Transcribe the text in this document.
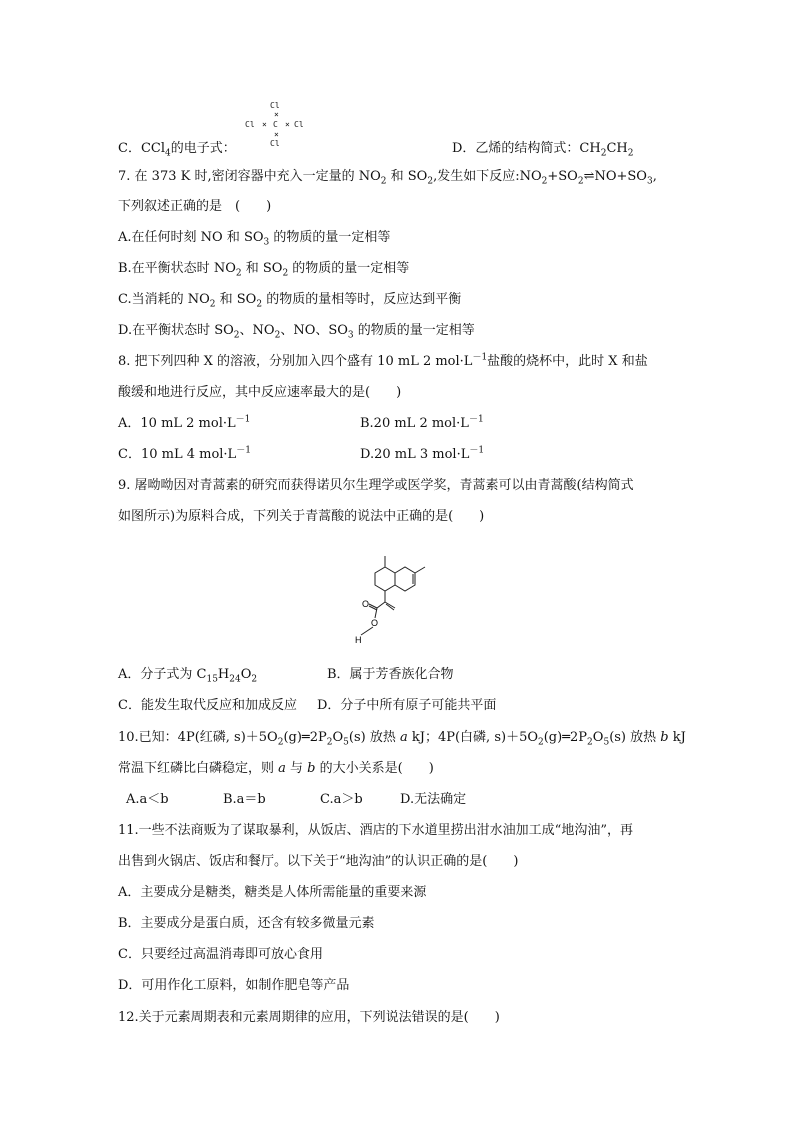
Cl
×
Cl × C × Cl
×
Cl
C．CCl$_4$的电子式：	D．乙烯的结构简式：$CH_2CH_2$
7. 在 373 K 时,密闭容器中充入一定量的 $NO_2$ 和 $SO_2$,发生如下反应$:NO_2+SO_2\rightleftharpoons NO+SO_3$,
下列叙述正确的是　(　　)
A.在任何时刻 NO 和 $SO_3$ 的物质的量一定相等
B.在平衡状态时 $NO_2$ 和 $SO_2$ 的物质的量一定相等
C.当消耗的 $NO_2$ 和 $SO_2$ 的物质的量相等时，反应达到平衡
D.在平衡状态时 $SO_2$、$NO_2$、NO、$SO_3$ 的物质的量一定相等
8. 把下列四种 X 的溶液，分别加入四个盛有 10 mL 2 $mol\cdot L^{-1}$盐酸的烧杯中，此时 X 和盐
酸缓和地进行反应，其中反应速率最大的是(　　)
A．10 mL 2 $mol\cdot L^{-1}$	B.20 mL 2 $mol\cdot L^{-1}$
C．10 mL 4 $mol\cdot L^{-1}$	D.20 mL 3 $mol\cdot L^{-1}$
9. 屠呦呦因对青蒿素的研究而获得诺贝尔生理学或医学奖，青蒿素可以由青蒿酸(结构简式
如图所示)为原料合成，下列关于青蒿酸的说法中正确的是(　　)
O
O
H
A．分子式为 $C_{15}H_{24}O_2$	B．属于芳香族化合物
C．能发生取代反应和加成反应 D．分子中所有原子可能共平面
10.已知：4P(红磷, $s)+5O_2(g)═2P_2O_5(s)$ 放热 a kJ；4P(白磷, $s)+5O_2(g)═2P_2O_5(s)$ 放热 b kJ
常温下红磷比白磷稳定，则 a 与 b 的大小关系是(　　)
A.a＜b	B.a＝b	C.a＞b	D.无法确定
11.一些不法商贩为了谋取暴利，从饭店、酒店的下水道里捞出泔水油加工成“地沟油”，再
出售到火锅店、饭店和餐厅。以下关于“地沟油”的认识正确的是(　　)
A．主要成分是糖类，糖类是人体所需能量的重要来源
B．主要成分是蛋白质，还含有较多微量元素
C．只要经过高温消毒即可放心食用
D．可用作化工原料，如制作肥皂等产品
12.关于元素周期表和元素周期律的应用，下列说法错误的是(　　)
